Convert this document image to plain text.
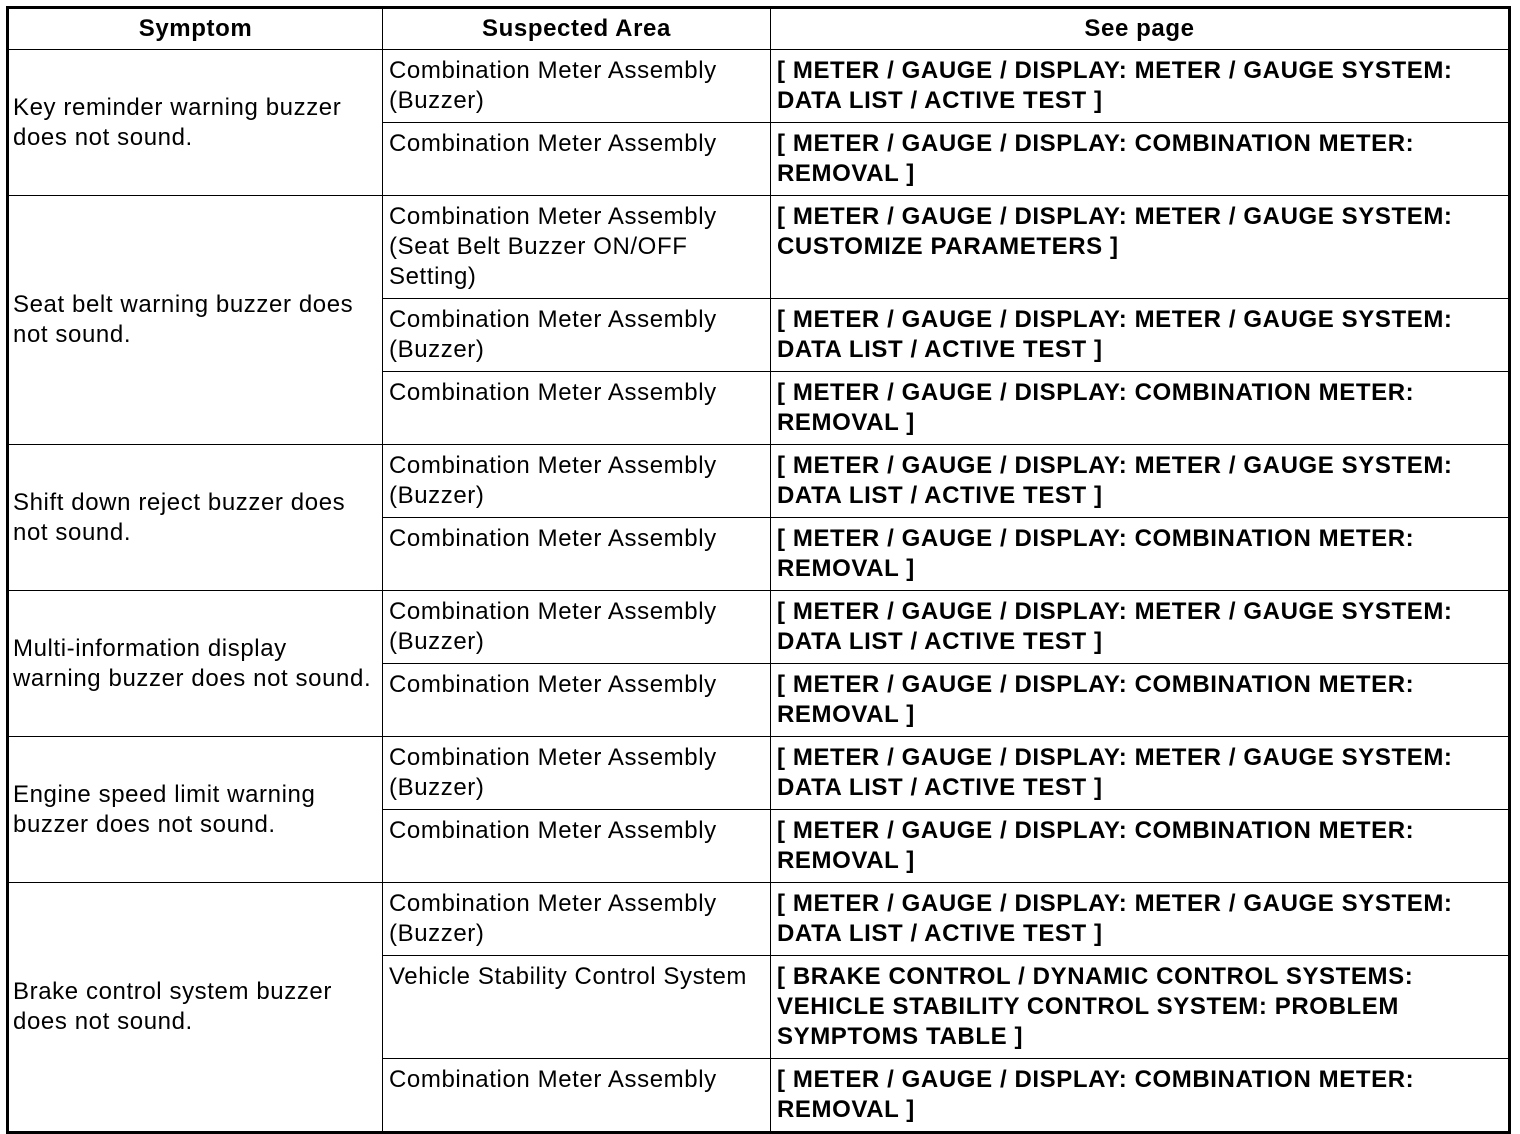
Symptom	Suspected Area	See page
Key reminder warning buzzer does not sound.	Combination Meter Assembly (Buzzer)	[ METER / GAUGE / DISPLAY: METER / GAUGE SYSTEM: DATA LIST / ACTIVE TEST ]
	Combination Meter Assembly	[ METER / GAUGE / DISPLAY: COMBINATION METER: REMOVAL ]
Seat belt warning buzzer does not sound.	Combination Meter Assembly (Seat Belt Buzzer ON/OFF Setting)	[ METER / GAUGE / DISPLAY: METER / GAUGE SYSTEM: CUSTOMIZE PARAMETERS ]
	Combination Meter Assembly (Buzzer)	[ METER / GAUGE / DISPLAY: METER / GAUGE SYSTEM: DATA LIST / ACTIVE TEST ]
	Combination Meter Assembly	[ METER / GAUGE / DISPLAY: COMBINATION METER: REMOVAL ]
Shift down reject buzzer does not sound.	Combination Meter Assembly (Buzzer)	[ METER / GAUGE / DISPLAY: METER / GAUGE SYSTEM: DATA LIST / ACTIVE TEST ]
	Combination Meter Assembly	[ METER / GAUGE / DISPLAY: COMBINATION METER: REMOVAL ]
Multi-information display warning buzzer does not sound.	Combination Meter Assembly (Buzzer)	[ METER / GAUGE / DISPLAY: METER / GAUGE SYSTEM: DATA LIST / ACTIVE TEST ]
	Combination Meter Assembly	[ METER / GAUGE / DISPLAY: COMBINATION METER: REMOVAL ]
Engine speed limit warning buzzer does not sound.	Combination Meter Assembly (Buzzer)	[ METER / GAUGE / DISPLAY: METER / GAUGE SYSTEM: DATA LIST / ACTIVE TEST ]
	Combination Meter Assembly	[ METER / GAUGE / DISPLAY: COMBINATION METER: REMOVAL ]
Brake control system buzzer does not sound.	Combination Meter Assembly (Buzzer)	[ METER / GAUGE / DISPLAY: METER / GAUGE SYSTEM: DATA LIST / ACTIVE TEST ]
	Vehicle Stability Control System	[ BRAKE CONTROL / DYNAMIC CONTROL SYSTEMS: VEHICLE STABILITY CONTROL SYSTEM: PROBLEM SYMPTOMS TABLE ]
	Combination Meter Assembly	[ METER / GAUGE / DISPLAY: COMBINATION METER: REMOVAL ]
